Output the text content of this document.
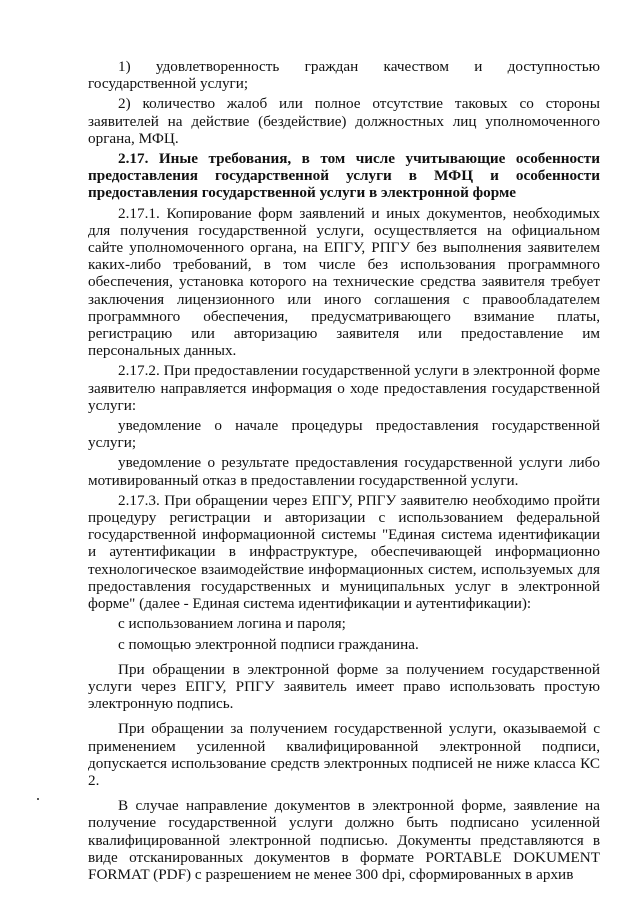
1) удовлетворенность граждан качеством и доступностью государственной услуги;

2) количество жалоб или полное отсутствие таковых со стороны заявителей на действие (бездействие) должностных лиц уполномоченного органа, МФЦ.

2.17. Иные требования, в том числе учитывающие особенности предоставления государственной услуги в МФЦ и особенности предоставления государственной услуги в электронной форме

2.17.1. Копирование форм заявлений и иных документов, необходимых для получения государственной услуги, осуществляется на официальном сайте уполномоченного органа, на ЕПГУ, РПГУ без выполнения заявителем каких-либо требований, в том числе без использования программного обеспечения, установка которого на технические средства заявителя требует заключения лицензионного или иного соглашения с правообладателем программного обеспечения, предусматривающего взимание платы, регистрацию или авторизацию заявителя или предоставление им персональных данных.

2.17.2. При предоставлении государственной услуги в электронной форме заявителю направляется информация о ходе предоставления государственной услуги:

уведомление о начале процедуры предоставления государственной услуги;

уведомление о результате предоставления государственной услуги либо мотивированный отказ в предоставлении государственной услуги.

2.17.3. При обращении через ЕПГУ, РПГУ заявителю необходимо пройти процедуру регистрации и авторизации с использованием федеральной государственной информационной системы "Единая система идентификации и аутентификации в инфраструктуре, обеспечивающей информационно технологическое взаимодействие информационных систем, используемых для предоставления государственных и муниципальных услуг в электронной форме" (далее - Единая система идентификации и аутентификации):

с использованием логина и пароля;

с помощью электронной подписи гражданина.

При обращении в электронной форме за получением государственной услуги через ЕПГУ, РПГУ заявитель имеет право использовать простую электронную подпись.

При обращении за получением государственной услуги, оказываемой с применением усиленной квалифицированной электронной подписи, допускается использование средств электронных подписей не ниже класса КС 2.

В случае направление документов в электронной форме, заявление на получение государственной услуги должно быть подписано усиленной квалифицированной электронной подписью. Документы представляются в виде отсканированных документов в формате PORTABLE DOKUMENT FORMAT (PDF) с разрешением не менее 300 dpi, сформированных в архив
